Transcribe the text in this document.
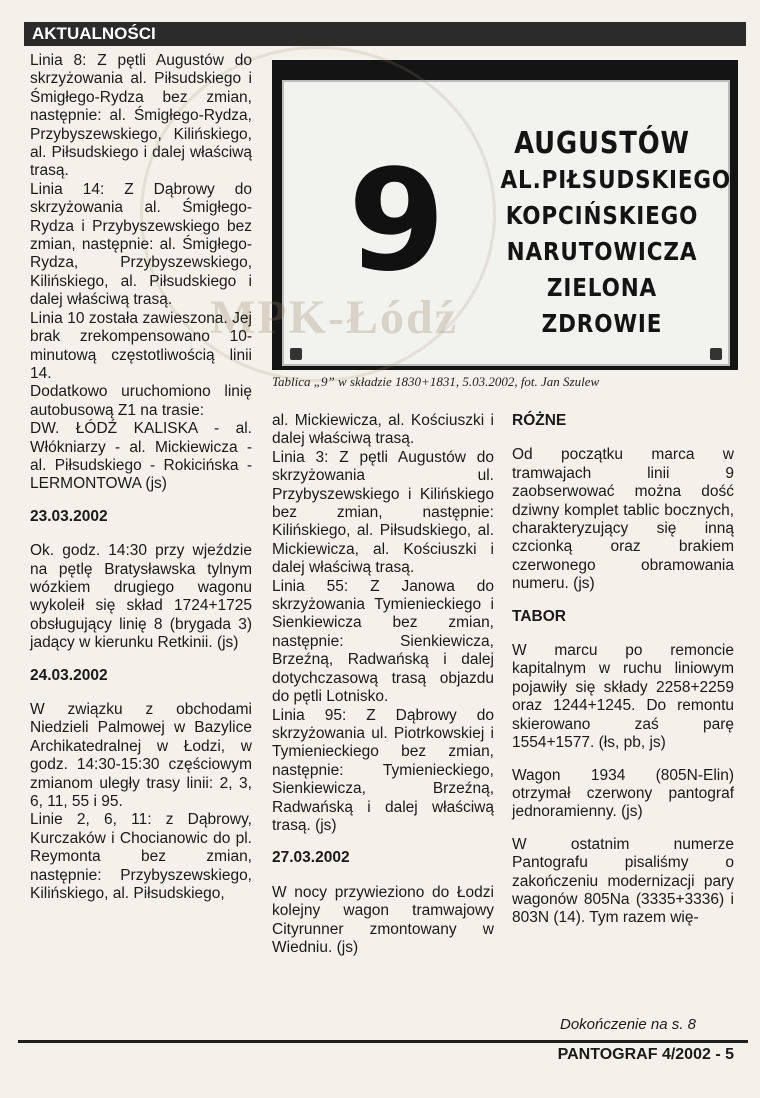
AKTUALNOŚCI
9	AUGUSTÓW
AL.PIŁSUDSKIEGO
KOPCIŃSKIEGO
NARUTOWICZA
ZIELONA
ZDROWIE
MPK-Łódź
Tablica „9” w składzie 1830+1831, 5.03.2002, fot. Jan Szulew

Linia 8: Z pętli Augustów do skrzyżowania al. Piłsudskiego i Śmigłego-Rydza bez zmian, następnie: al. Śmigłego-Rydza, Przybyszewskiego, Kilińskiego, al. Piłsudskiego i dalej właściwą trasą.

Linia 14: Z Dąbrowy do skrzyżowania al. Śmigłego-Rydza i Przybyszewskiego bez zmian, następnie: al. Śmigłego-Rydza, Przybyszewskiego, Kilińskiego, al. Piłsudskiego i dalej właściwą trasą.

Linia 10 została zawieszona. Jej brak zrekompensowano 10-minutową częstotliwością linii 14.

Dodatkowo uruchomiono linię autobusową Z1 na trasie:

DW. ŁÓDŹ KALISKA - al. Włókniarzy - al. Mickiewicza - al. Piłsudskiego - Rokicińska - LERMONTOWA (js)

23.03.2002

Ok. godz. 14:30 przy wjeździe na pętlę Bratysławska tylnym wózkiem drugiego wagonu wykoleił się skład 1724+1725 obsługujący linię 8 (brygada 3) jadący w kierunku Retkinii. (js)

24.03.2002

W związku z obchodami Niedzieli Palmowej w Bazylice Archikatedralnej w Łodzi, w godz. 14:30-15:30 częściowym zmianom uległy trasy linii: 2, 3, 6, 11, 55 i 95.

Linie 2, 6, 11: z Dąbrowy, Kurczaków i Chocianowic do pl. Reymonta bez zmian, następnie: Przybyszewskiego, Kilińskiego, al. Piłsudskiego,

al. Mickiewicza, al. Kościuszki i dalej właściwą trasą.

Linia 3: Z pętli Augustów do skrzyżowania ul. Przybyszewskiego i Kilińskiego bez zmian, następnie: Kilińskiego, al. Piłsudskiego, al. Mickiewicza, al. Kościuszki i dalej właściwą trasą.

Linia 55: Z Janowa do skrzyżowania Tymienieckiego i Sienkiewicza bez zmian, następnie: Sienkiewicza, Brzeźną, Radwańską i dalej dotychczasową trasą objazdu do pętli Lotnisko.

Linia 95: Z Dąbrowy do skrzyżowania ul. Piotrkowskiej i Tymienieckiego bez zmian, następnie: Tymienieckiego, Sienkiewicza, Brzeźną, Radwańską i dalej właściwą trasą. (js)

27.03.2002

W nocy przywieziono do Łodzi kolejny wagon tramwajowy Cityrunner zmontowany w Wiedniu. (js)

RÓŻNE

Od początku marca w tramwajach linii 9 zaobserwować można dość dziwny komplet tablic bocznych, charakteryzujący się inną czcionką oraz brakiem czerwonego obramowania numeru. (js)

TABOR

W marcu po remoncie kapitalnym w ruchu liniowym pojawiły się składy 2258+2259 oraz 1244+1245. Do remontu skierowano zaś parę 1554+1577. (łs, pb, js)

Wagon 1934 (805N-Elin) otrzymał czerwony pantograf jednoramienny. (js)

W ostatnim numerze Pantografu pisaliśmy o zakończeniu modernizacji pary wagonów 805Na (3335+3336) i 803N (14). Tym razem wię-

Dokończenie na s. 8
PANTOGRAF 4/2002 - 5
